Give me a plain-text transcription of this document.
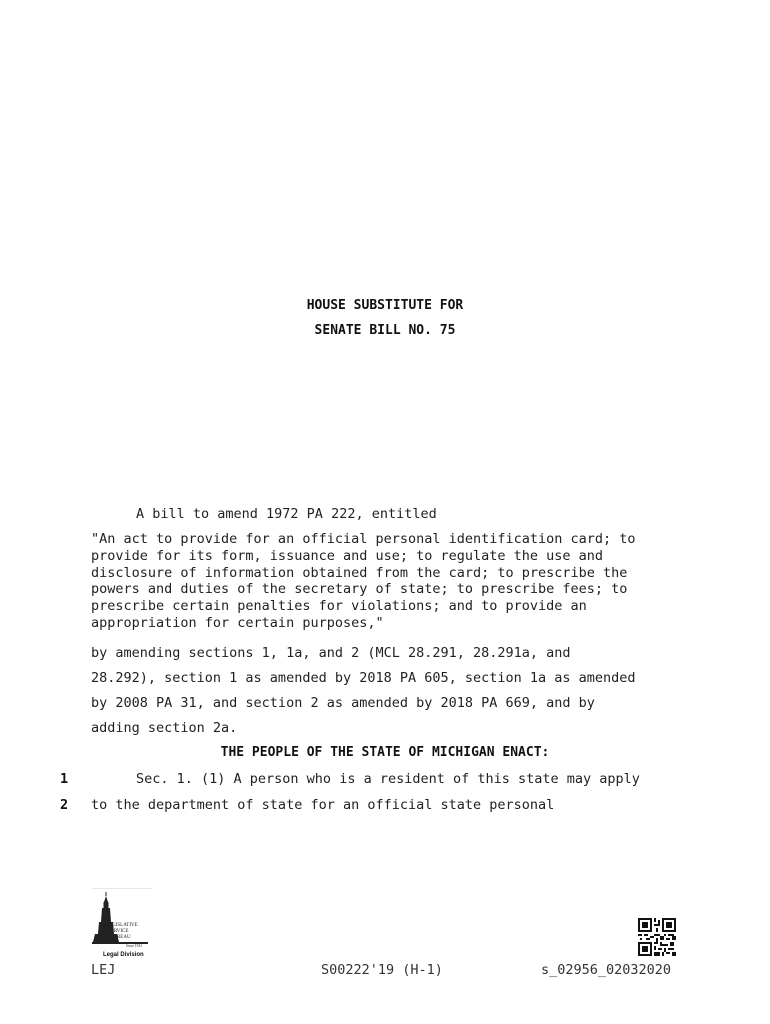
HOUSE SUBSTITUTE FOR
SENATE BILL NO. 75
A bill to amend 1972 PA 222, entitled
"An act to provide for an official personal identification card; to
provide for its form, issuance and use; to regulate the use and
disclosure of information obtained from the card; to prescribe the
powers and duties of the secretary of state; to prescribe fees; to
prescribe certain penalties for violations; and to provide an
appropriation for certain purposes,"
by amending sections 1, 1a, and 2 (MCL 28.291, 28.291a, and
28.292), section 1 as amended by 2018 PA 605, section 1a as amended
by 2008 PA 31, and section 2 as amended by 2018 PA 669, and by
adding section 2a.
THE PEOPLE OF THE STATE OF MICHIGAN ENACT:
1	Sec. 1. (1) A person who is a resident of this state may apply
2 to the department of state for an official state personal
LEGISLATIVE
SERVICE
BUREAU
Since 1941
Legal Division
LEJ	S00222'19 (H-1)	s_02956_02032020
